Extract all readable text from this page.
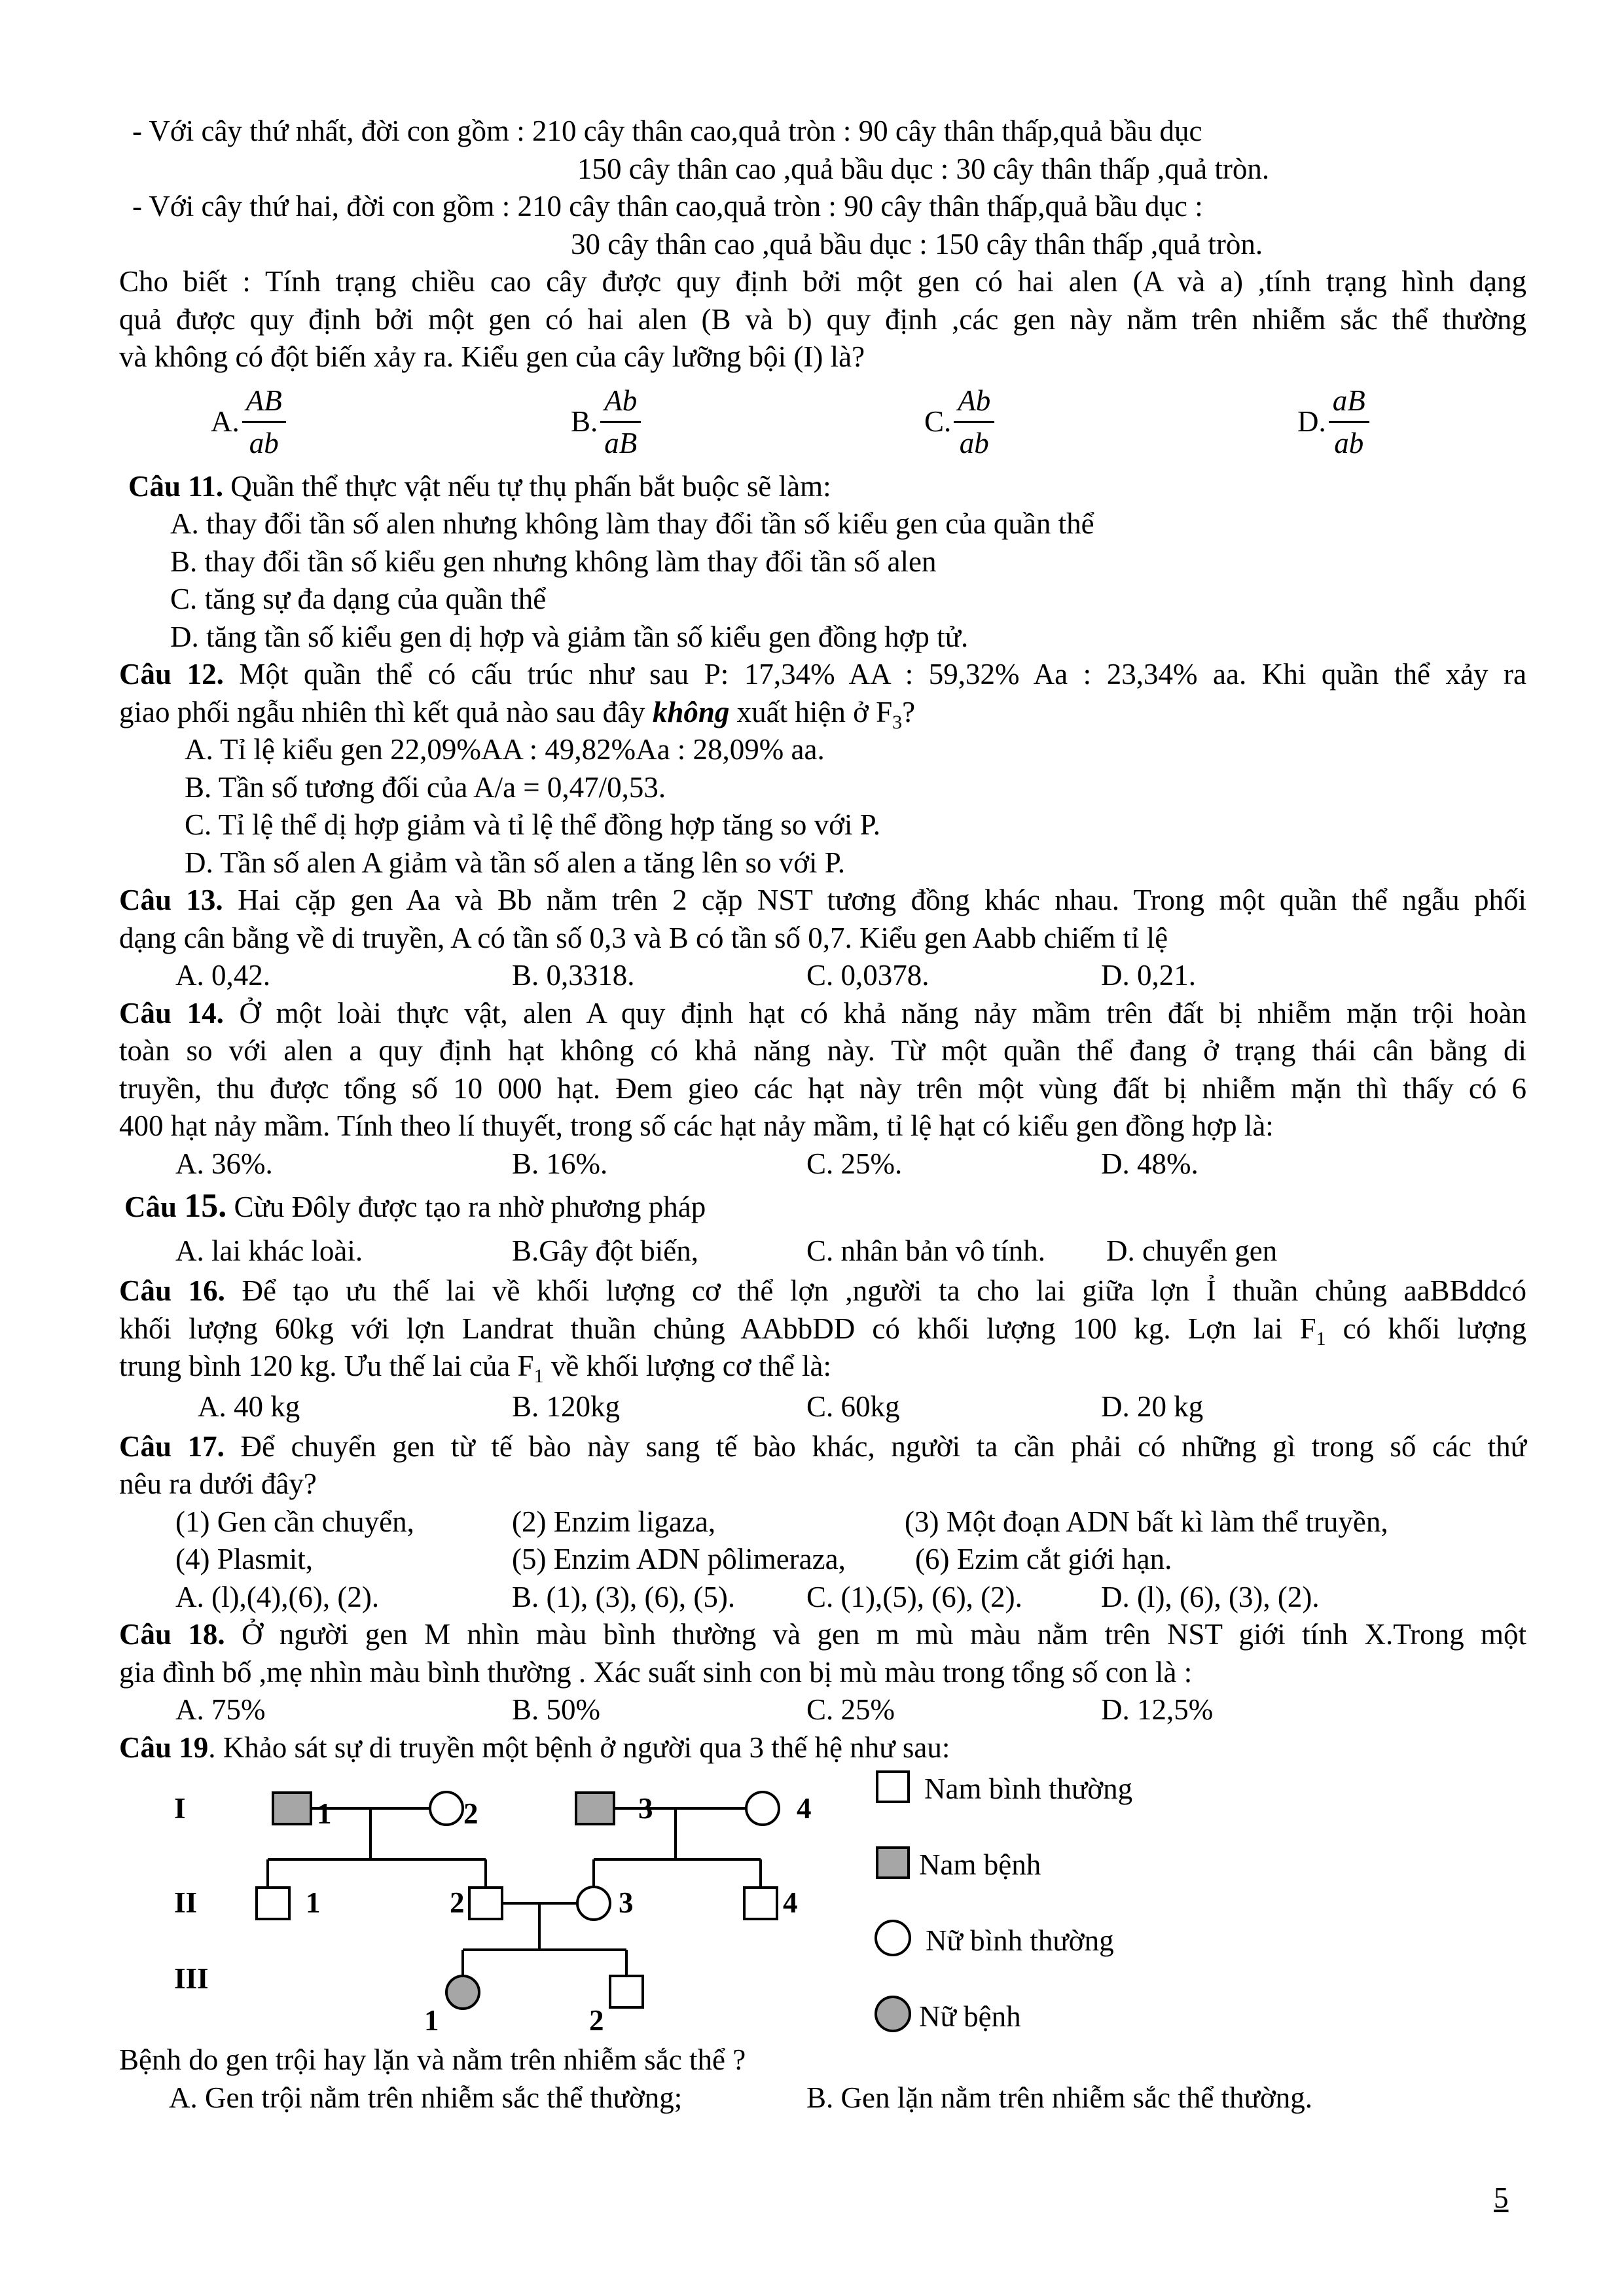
- Với cây thứ nhất, đời con gồm : 210 cây thân cao,quả tròn : 90 cây thân thấp,quả bầu dục
150 cây thân cao ,quả bầu dục : 30 cây thân thấp ,quả tròn.
- Với cây thứ hai, đời con gồm : 210 cây thân cao,quả tròn : 90 cây thân thấp,quả bầu dục :
30 cây thân cao ,quả bầu dục : 150 cây thân thấp ,quả tròn.
Cho biết : Tính trạng chiều cao cây được quy định bởi một gen có hai alen (A và a) ,tính trạng hình dạng
quả được quy định bởi một gen có hai alen (B và b) quy định ,các gen này nằm trên nhiễm sắc thể thường
và không có đột biến xảy ra. Kiểu gen của cây lưỡng bội (I) là?
A. $\frac{AB}{ab}$	B. $\frac{Ab}{aB}$	C. $\frac{Ab}{ab}$	D. $\frac{aB}{ab}$
Câu 11. Quần thể thực vật nếu tự thụ phấn bắt buộc sẽ làm:
A. thay đổi tần số alen nhưng không làm thay đổi tần số kiểu gen của quần thể
B. thay đổi tần số kiểu gen nhưng không làm thay đổi tần số alen
C. tăng sự đa dạng của quần thể
D. tăng tần số kiểu gen dị hợp và giảm tần số kiểu gen đồng hợp tử.
Câu 12. Một quần thể có cấu trúc như sau P: 17,34% AA : 59,32% Aa : 23,34% aa. Khi quần thể xảy ra
giao phối ngẫu nhiên thì kết quả nào sau đây không xuất hiện ở $F_3$?
A. Tỉ lệ kiểu gen 22,09%AA : 49,82%Aa : 28,09% aa.
B. Tần số tương đối của A/a = 0,47/0,53.
C. Tỉ lệ thể dị hợp giảm và tỉ lệ thể đồng hợp tăng so với P.
D. Tần số alen A giảm và tần số alen a tăng lên so với P.
Câu 13. Hai cặp gen Aa và Bb nằm trên 2 cặp NST tương đồng khác nhau. Trong một quần thể ngẫu phối
dạng cân bằng về di truyền, A có tần số 0,3 và B có tần số 0,7. Kiểu gen Aabb chiếm tỉ lệ
A. 0,42.	B. 0,3318.	C. 0,0378.	D. 0,21.
Câu 14. Ở một loài thực vật, alen A quy định hạt có khả năng nảy mầm trên đất bị nhiễm mặn trội hoàn
toàn so với alen a quy định hạt không có khả năng này. Từ một quần thể đang ở trạng thái cân bằng di
truyền, thu được tổng số 10 000 hạt. Đem gieo các hạt này trên một vùng đất bị nhiễm mặn thì thấy có 6
400 hạt nảy mầm. Tính theo lí thuyết, trong số các hạt nảy mầm, tỉ lệ hạt có kiểu gen đồng hợp là:
A. 36%.	B. 16%.	C. 25%.	D. 48%.
Câu 15. Cừu Đôly được tạo ra nhờ phương pháp
A. lai khác loài.	B.Gây đột biến,	C. nhân bản vô tính. D. chuyển gen
Câu 16. Để tạo ưu thế lai về khối lượng cơ thể lợn ,người ta cho lai giữa lợn Ỉ thuần chủng aaBBddcó
khối lượng 60kg với lợn Landrat thuần chủng AAbbDD có khối lượng 100 kg. Lợn lai $F_1$ có khối lượng
trung bình 120 kg. Ưu thế lai của $F_1$ về khối lượng cơ thể là:
A. 40 kg	B. 120kg	C. 60kg	D. 20 kg
Câu 17. Để chuyển gen từ tế bào này sang tế bào khác, người ta cần phải có những gì trong số các thứ
nêu ra dưới đây?
(1) Gen cần chuyển,	(2) Enzim ligaza,	(3) Một đoạn ADN bất kì làm thể truyền,
(4) Plasmit,	(5) Enzim ADN pôlimeraza, (6) Ezim cắt giới hạn.
A. (l),(4),(6), (2).	B. (1), (3), (6), (5). C. (1),(5), (6), (2).	D. (l), (6), (3), (2).
Câu 18. Ở người gen M nhìn màu bình thường và gen m mù màu nằm trên NST giới tính X.Trong một
gia đình bố ,mẹ nhìn màu bình thường . Xác suất sinh con bị mù màu trong tổng số con là :
A. 75%	B. 50%	C. 25%	D. 12,5%
Câu 19. Khảo sát sự di truyền một bệnh ở người qua 3 thế hệ như sau:
I
II
III
1	2	3	4
1	2	3	4
1	2
Nam bình thường
Nam bệnh
Nữ bình thường
Nữ bệnh
Bệnh do gen trội hay lặn và nằm trên nhiễm sắc thể ?
A. Gen trội nằm trên nhiễm sắc thể thường;	B. Gen lặn nằm trên nhiễm sắc thể thường.
5
